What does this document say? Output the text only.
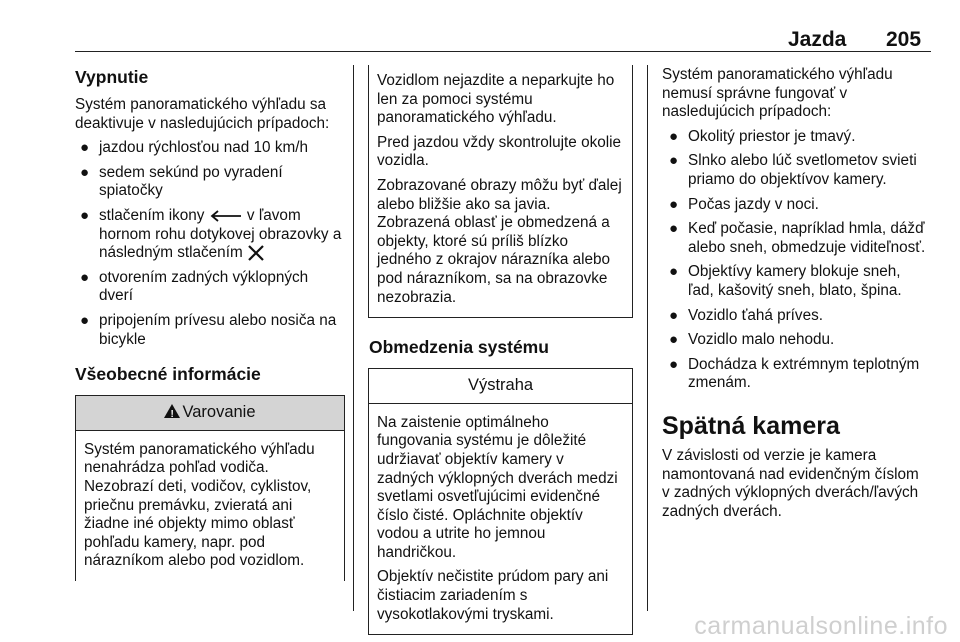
Jazda 205
Vypnutie

Systém panoramatického výhľadu sa deaktivuje v nasledujúcich prípadoch:

● jazdou rýchlosťou nad 10 km/h
● sedem sekúnd po vyradení spiatočky
● stlačením ikony	v ľavom hornom rohu dotykovej obrazovky a následným stlačením
● otvorením zadných výklopných dverí
● pripojením prívesu alebo nosiča na bicykle
Všeobecné informácie
!Varovanie

Systém panoramatického výhľadu nenahrádza pohľad vodiča. Nezobrazí deti, vodičov, cyklistov, priečnu premávku, zvieratá ani žiadne iné objekty mimo oblasť pohľadu kamery, napr. pod nárazníkom alebo pod vozidlom.

Vozidlom nejazdite a neparkujte ho len za pomoci systému panoramatického výhľadu.

Pred jazdou vždy skontrolujte okolie vozidla.

Zobrazované obrazy môžu byť ďalej alebo bližšie ako sa javia. Zobrazená oblasť je obmedzená a objekty, ktoré sú príliš blízko jedného z okrajov nárazníka alebo pod nárazníkom, sa na obrazovke nezobrazia.

Obmedzenia systému
Výstraha

Na zaistenie optimálneho fungovania systému je dôležité udržiavať objektív kamery v zadných výklopných dverách medzi svetlami osvetľujúcimi evidenčné číslo čisté. Opláchnite objektív vodou a utrite ho jemnou handričkou.

Objektív nečistite prúdom pary ani čistiacim zariadením s vysokotlakovými tryskami.

Systém panoramatického výhľadu nemusí správne fungovať v nasledujúcich prípadoch:

● Okolitý priestor je tmavý.
● Slnko alebo lúč svetlometov svieti priamo do objektívov kamery.
● Počas jazdy v noci.
● Keď počasie, napríklad hmla, dážď alebo sneh, obmedzuje viditeľnosť.
● Objektívy kamery blokuje sneh, ľad, kašovitý sneh, blato, špina.
● Vozidlo ťahá príves.
● Vozidlo malo nehodu.
● Dochádza k extrémnym teplotným zmenám.
Spätná kamera

V závislosti od verzie je kamera namontovaná nad evidenčným číslom v zadných výklopných dverách/ľavých zadných dverách.

carmanualsonline.info
